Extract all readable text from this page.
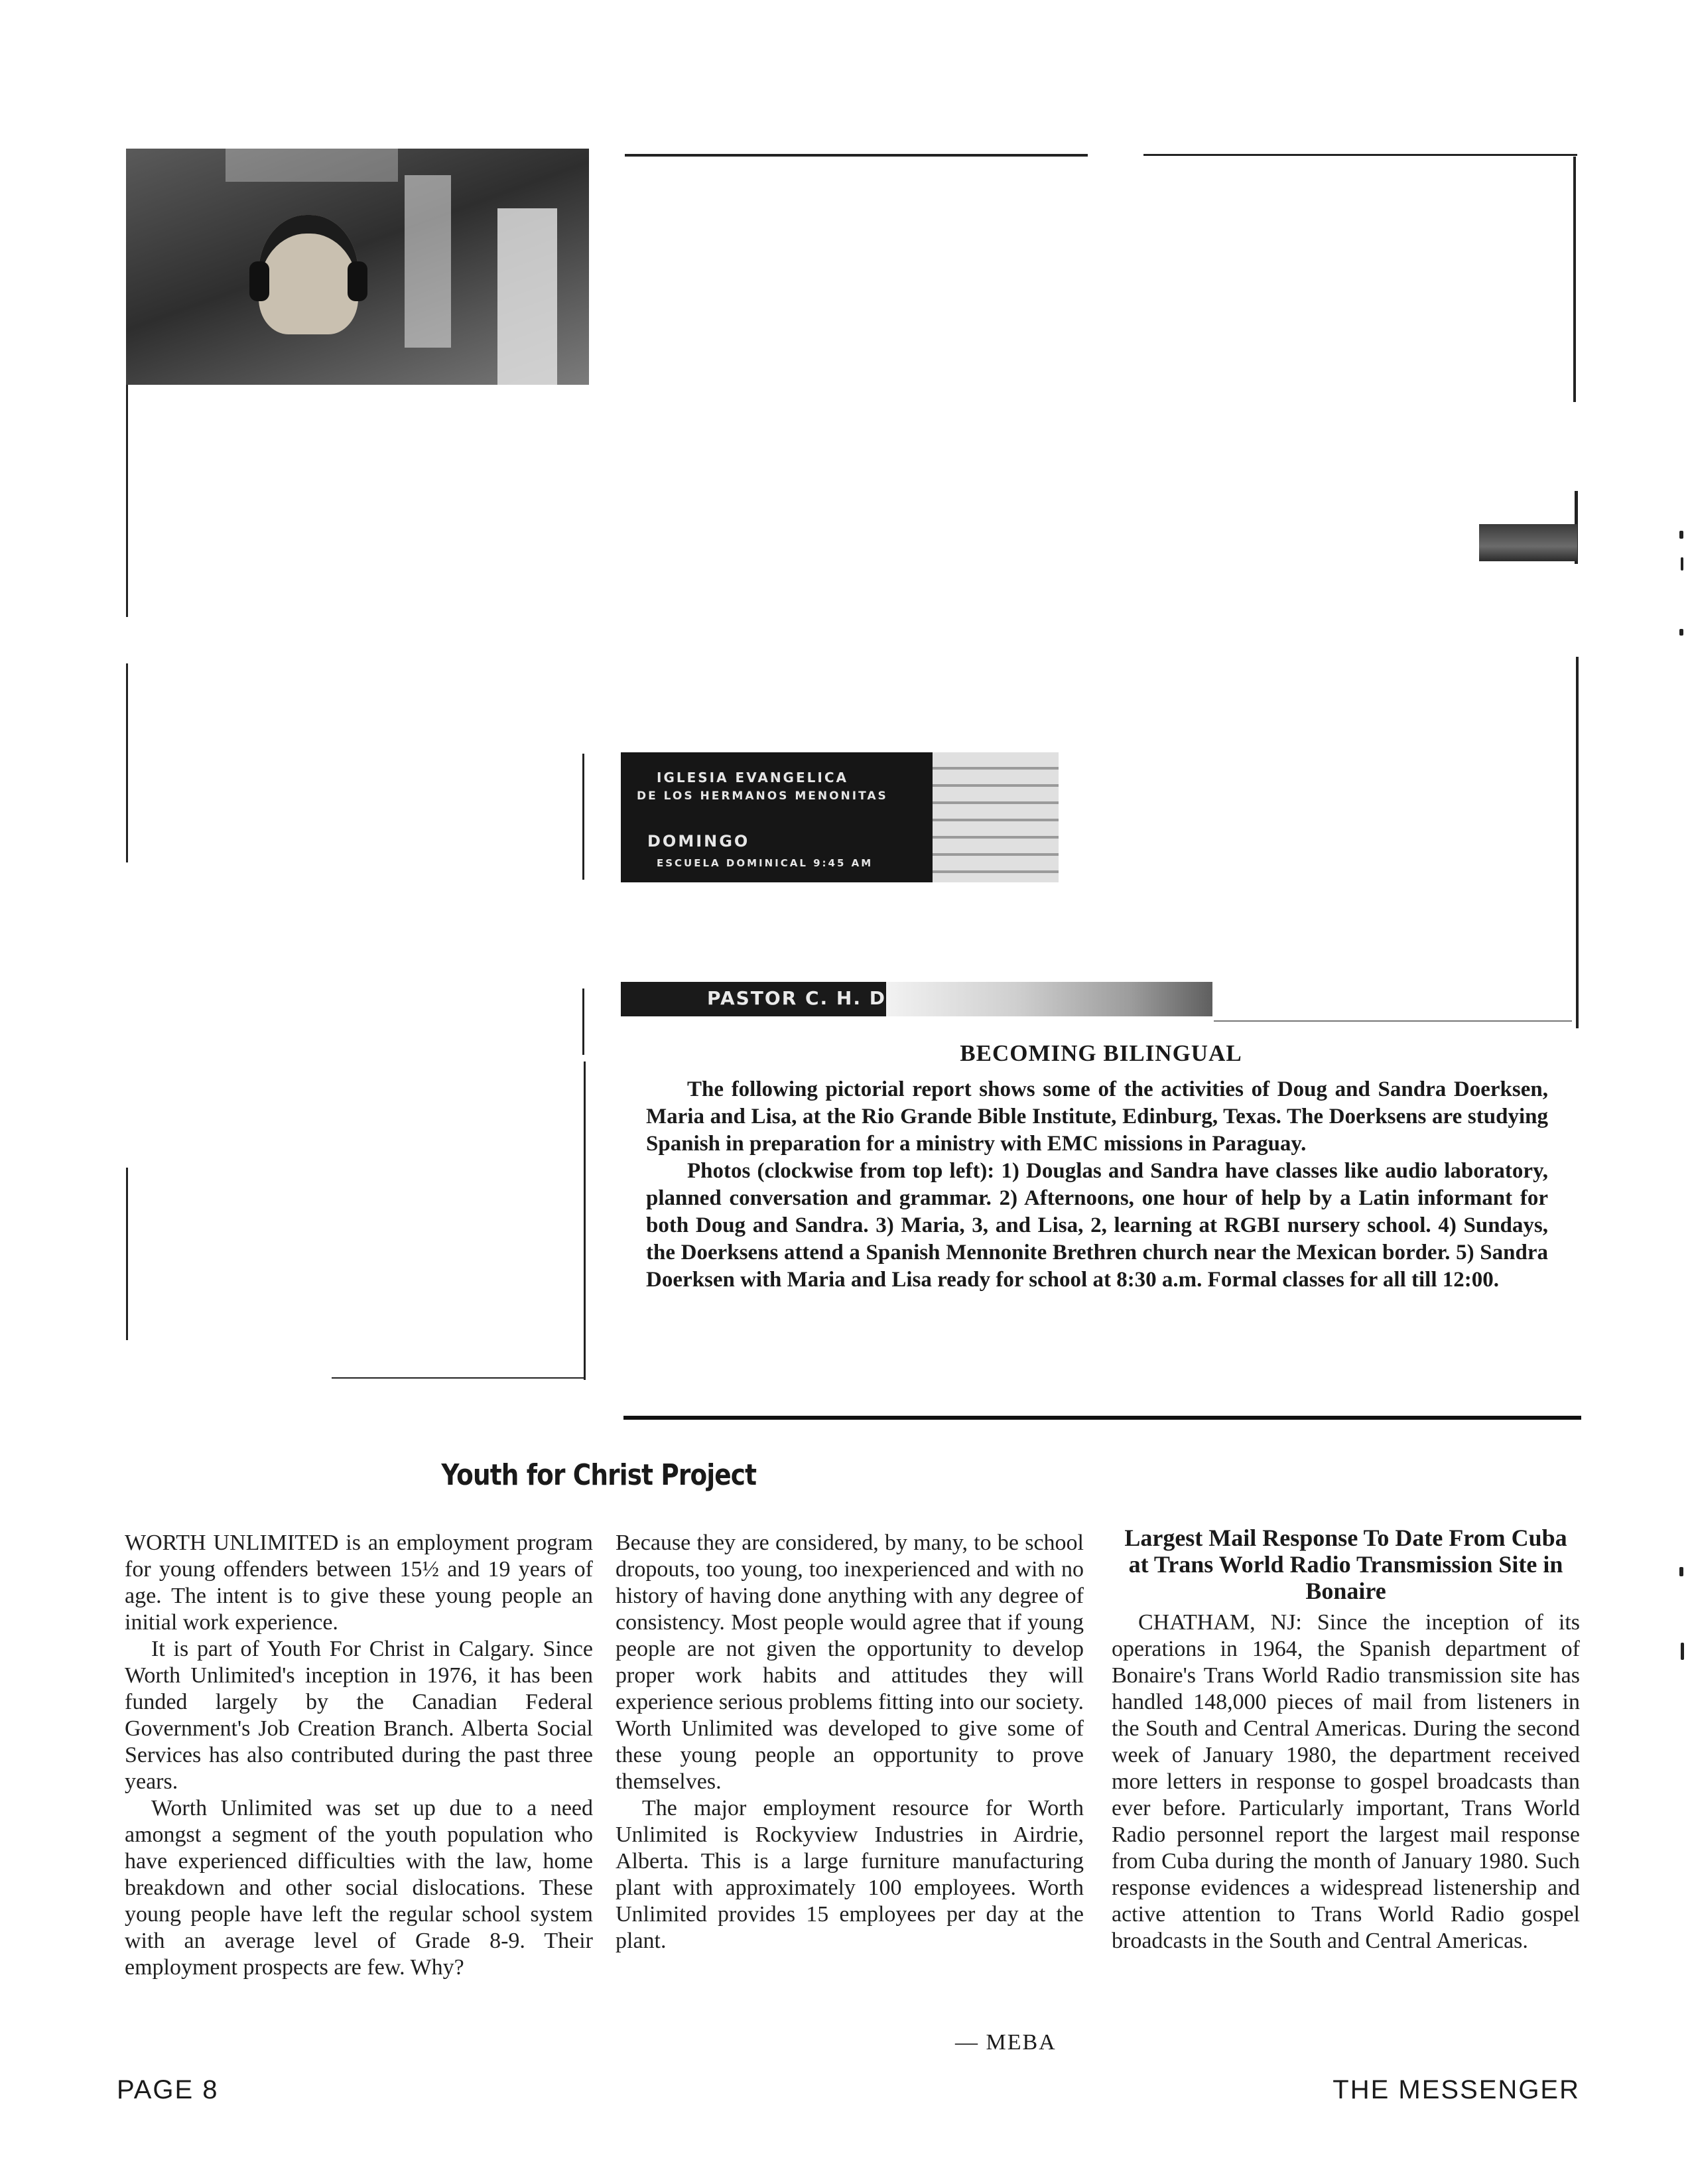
IGLESIA EVANGELICA
DE LOS HERMANOS MENONITAS
DOMINGO
ESCUELA DOMINICAL 9:45 AM
PASTOR C. H. D
BECOMING BILINGUAL

The following pictorial report shows some of the activities of Doug and Sandra Doerksen, Maria and Lisa, at the Rio Grande Bible Institute, Edinburg, Texas. The Doerksens are studying Spanish in preparation for a ministry with EMC missions in Paraguay.

Photos (clockwise from top left): 1) Douglas and Sandra have classes like audio laboratory, planned conversation and grammar. 2) Afternoons, one hour of help by a Latin informant for both Doug and Sandra. 3) Maria, 3, and Lisa, 2, learning at RGBI nursery school. 4) Sundays, the Doerksens attend a Spanish Mennonite Brethren church near the Mexican border. 5) Sandra Doerksen with Maria and Lisa ready for school at 8:30 a.m. Formal classes for all till 12:00.

Youth for Christ Project

WORTH UNLIMITED is an employment program for young offenders between 15½ and 19 years of age. The intent is to give these young people an initial work experience.

It is part of Youth For Christ in Calgary. Since Worth Unlimited's inception in 1976, it has been funded largely by the Canadian Federal Government's Job Creation Branch. Alberta Social Services has also contributed during the past three years.

Worth Unlimited was set up due to a need amongst a segment of the youth population who have experienced difficulties with the law, home breakdown and other social dislocations. These young people have left the regular school system with an average level of Grade 8-9. Their employment prospects are few. Why?

Because they are considered, by many, to be school dropouts, too young, too inexperienced and with no history of having done anything with any degree of consistency. Most people would agree that if young people are not given the opportunity to develop proper work habits and attitudes they will experience serious problems fitting into our society. Worth Unlimited was developed to give some of these young people an opportunity to prove themselves.

The major employment resource for Worth Unlimited is Rockyview Industries in Airdrie, Alberta. This is a large furniture manufacturing plant with approximately 100 employees. Worth Unlimited provides 15 employees per day at the plant.

— MEBA
Largest Mail Response To Date From Cuba at Trans World Radio Transmission Site in Bonaire

CHATHAM, NJ: Since the inception of its operations in 1964, the Spanish department of Bonaire's Trans World Radio transmission site has handled 148,000 pieces of mail from listeners in the South and Central Americas. During the second week of January 1980, the department received more letters in response to gospel broadcasts than ever before. Particularly important, Trans World Radio personnel report the largest mail response from Cuba during the month of January 1980. Such response evidences a widespread listenership and active attention to Trans World Radio gospel broadcasts in the South and Central Americas.

PAGE 8	THE MESSENGER
